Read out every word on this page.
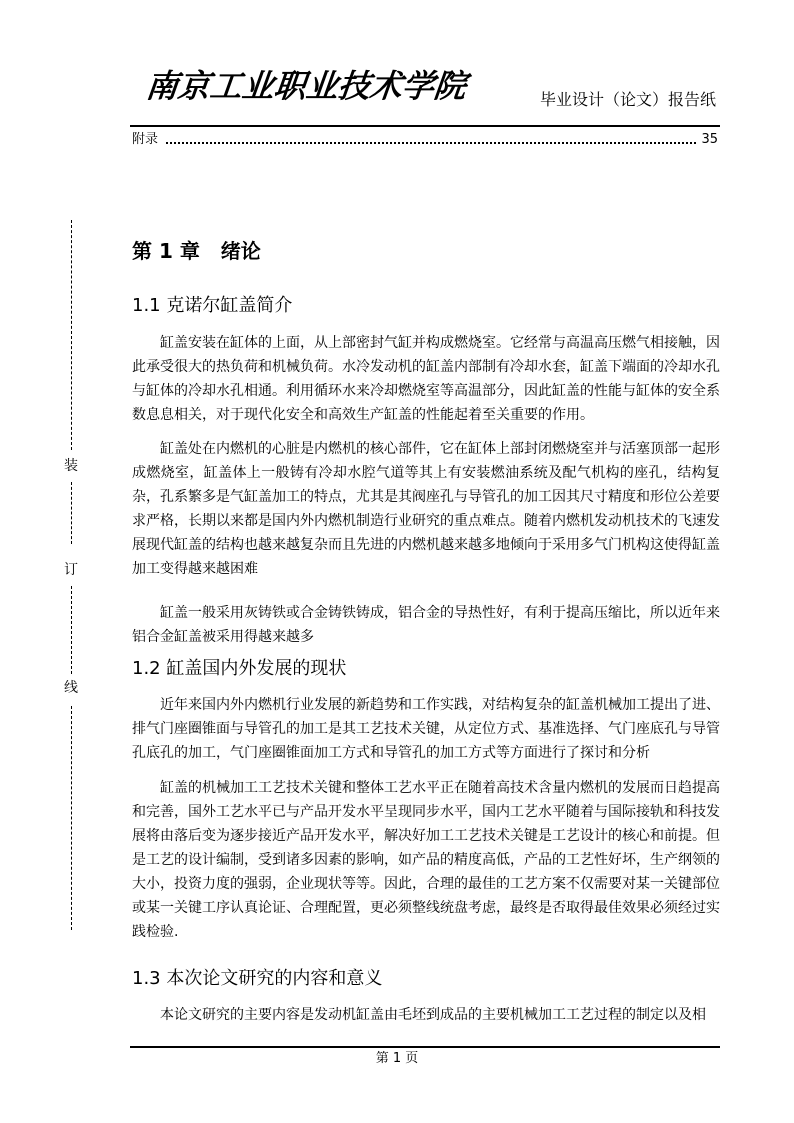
南京工业职业技术学院	毕业设计（论文）报告纸
附录	35
装
订
线
第 1 章   绪论
1.1 克诺尔缸盖简介

缸盖安装在缸体的上面，从上部密封气缸并构成燃烧室。它经常与高温高压燃气相接触，因此承受很大的热负荷和机械负荷。水冷发动机的缸盖内部制有冷却水套，缸盖下端面的冷却水孔与缸体的冷却水孔相通。利用循环水来冷却燃烧室等高温部分，因此缸盖的性能与缸体的安全系数息息相关，对于现代化安全和高效生产缸盖的性能起着至关重要的作用。

缸盖处在内燃机的心脏是内燃机的核心部件，它在缸体上部封闭燃烧室并与活塞顶部一起形成燃烧室，缸盖体上一般铸有冷却水腔气道等其上有安装燃油系统及配气机构的座孔，结构复杂，孔系繁多是气缸盖加工的特点，尤其是其阀座孔与导管孔的加工因其尺寸精度和形位公差要求严格，长期以来都是国内外内燃机制造行业研究的重点难点。随着内燃机发动机技术的飞速发展现代缸盖的结构也越来越复杂而且先进的内燃机越来越多地倾向于采用多气门机构这使得缸盖加工变得越来越困难

缸盖一般采用灰铸铁或合金铸铁铸成，铝合金的导热性好，有利于提高压缩比，所以近年来铝合金缸盖被采用得越来越多

1.2 缸盖国内外发展的现状

近年来国内外内燃机行业发展的新趋势和工作实践，对结构复杂的缸盖机械加工提出了进、排气门座圈锥面与导管孔的加工是其工艺技术关键，从定位方式、基准选择、气门座底孔与导管孔底孔的加工，气门座圈锥面加工方式和导管孔的加工方式等方面进行了探讨和分析

缸盖的机械加工工艺技术关键和整体工艺水平正在随着高技术含量内燃机的发展而日趋提高和完善，国外工艺水平已与产品开发水平呈现同步水平，国内工艺水平随着与国际接轨和科技发展将由落后变为逐步接近产品开发水平，解决好加工工艺技术关键是工艺设计的核心和前提。但是工艺的设计编制，受到诸多因素的影响，如产品的精度高低，产品的工艺性好坏，生产纲领的大小，投资力度的强弱，企业现状等等。因此，合理的最佳的工艺方案不仅需要对某一关键部位或某一关键工序认真论证、合理配置，更必须整线统盘考虑，最终是否取得最佳效果必须经过实践检验.

1.3 本次论文研究的内容和意义

本论文研究的主要内容是发动机缸盖由毛坯到成品的主要机械加工工艺过程的制定以及相

第 1 页
